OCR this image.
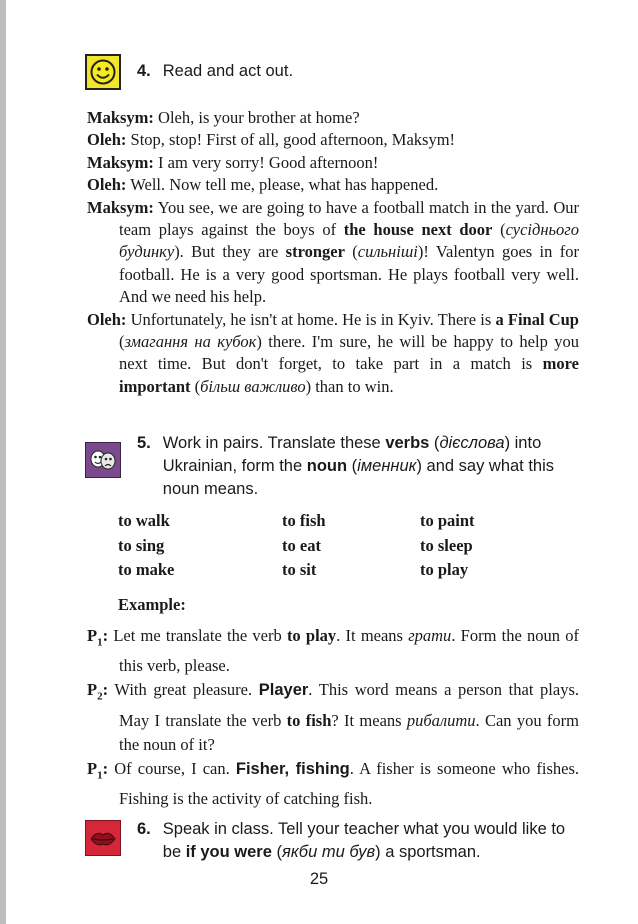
4. Read and act out.

Maksym: Oleh, is your brother at home?

Oleh: Stop, stop! First of all, good afternoon, Maksym!

Maksym: I am very sorry! Good afternoon!

Oleh: Well. Now tell me, please, what has happened.

Maksym: You see, we are going to have a football match in the yard. Our team plays against the boys of the house next door (сусіднього будинку). But they are stronger (сильніші)! Valentyn goes in for football. He is a very good sportsman. He plays football very well. And we need his help.

Oleh: Unfortunately, he isn't at home. He is in Kyiv. There is a Final Cup (змагання на кубок) there. I'm sure, he will be happy to help you next time. But don't forget, to take part in a match is more important (більш важливо) than to win.

5. Work in pairs. Translate these verbs (дієслова) into Ukrainian, form the noun (іменник) and say what this noun means.
to walk
to sing
to make
to fish
to eat
to sit
to paint
to sleep
to play
Example:

$P_1$: Let me translate the verb to play. It means грати. Form the noun of this verb, please.

$P_2$: With great pleasure. Player. This word means a person that plays. May I translate the verb to fish? It means рибалити. Can you form the noun of it?

$P_1$: Of course, I can. Fisher, fishing. A fisher is someone who fishes. Fishing is the activity of catching fish.

6. Speak in class. Tell your teacher what you would like to be if you were (якби ти був) a sportsman.
25
